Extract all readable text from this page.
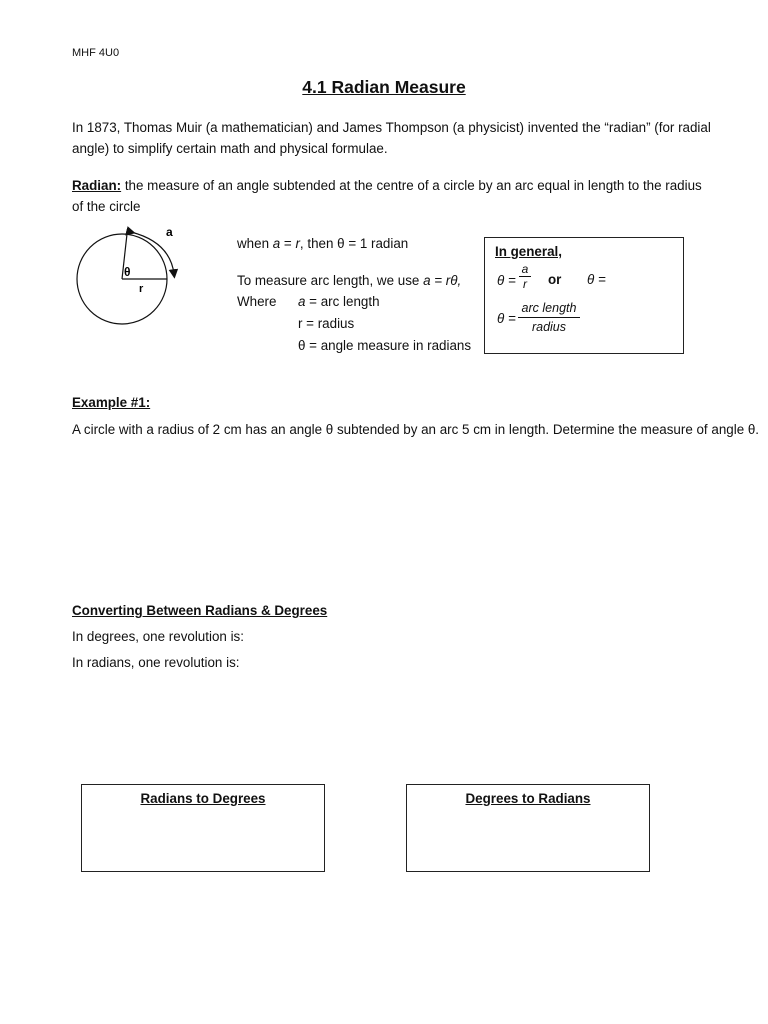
MHF 4U0
4.1 Radian Measure
In 1873, Thomas Muir (a mathematician) and James Thompson (a physicist) invented the “radian” (for radial angle) to simplify certain math and physical formulae.
Radian: the measure of an angle subtended at the centre of a circle by an arc equal in length to the radius of the circle
a
θ
r
when a = r, then θ = 1 radian
To measure arc length, we use a = rθ,
Where a = arc length
r = radius
θ = angle measure in radians
In general,
$\theta = \frac{a}{r}$ or θ =
θ =
arc length
radius
Example #1:
A circle with a radius of 2 cm has an angle θ subtended by an arc 5 cm in length. Determine the measure of angle θ.
Converting Between Radians & Degrees
In degrees, one revolution is:
In radians, one revolution is:
Radians to Degrees	Degrees to Radians
